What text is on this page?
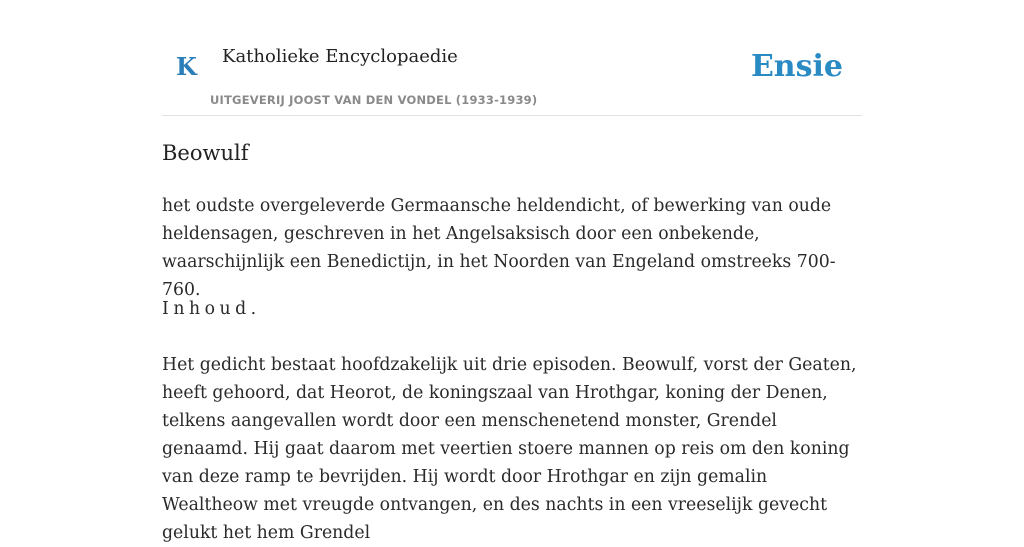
K Katholieke Encyclopaedie
UITGEVERIJ JOOST VAN DEN VONDEL (1933-1939)
Ensie
Beowulf

het oudste overgeleverde Germaansche heldendicht, of bewerking van oude heldensagen, geschreven in het Angelsaksisch door een onbekende, waarschijnlijk een Benedictijn, in het Noorden van Engeland omstreeks 700-760.

Inhoud.

Het gedicht bestaat hoofdzakelijk uit drie episoden. Beowulf, vorst der Geaten, heeft gehoord, dat Heorot, de koningszaal van Hrothgar, koning der Denen, telkens aangevallen wordt door een menschenetend monster, Grendel genaamd. Hij gaat daarom met veertien stoere mannen op reis om den koning van deze ramp te bevrijden. Hij wordt door Hrothgar en zijn gemalin Wealtheow met vreugde ontvangen, en des nachts in een vreeselijk gevecht gelukt het hem Grendel
